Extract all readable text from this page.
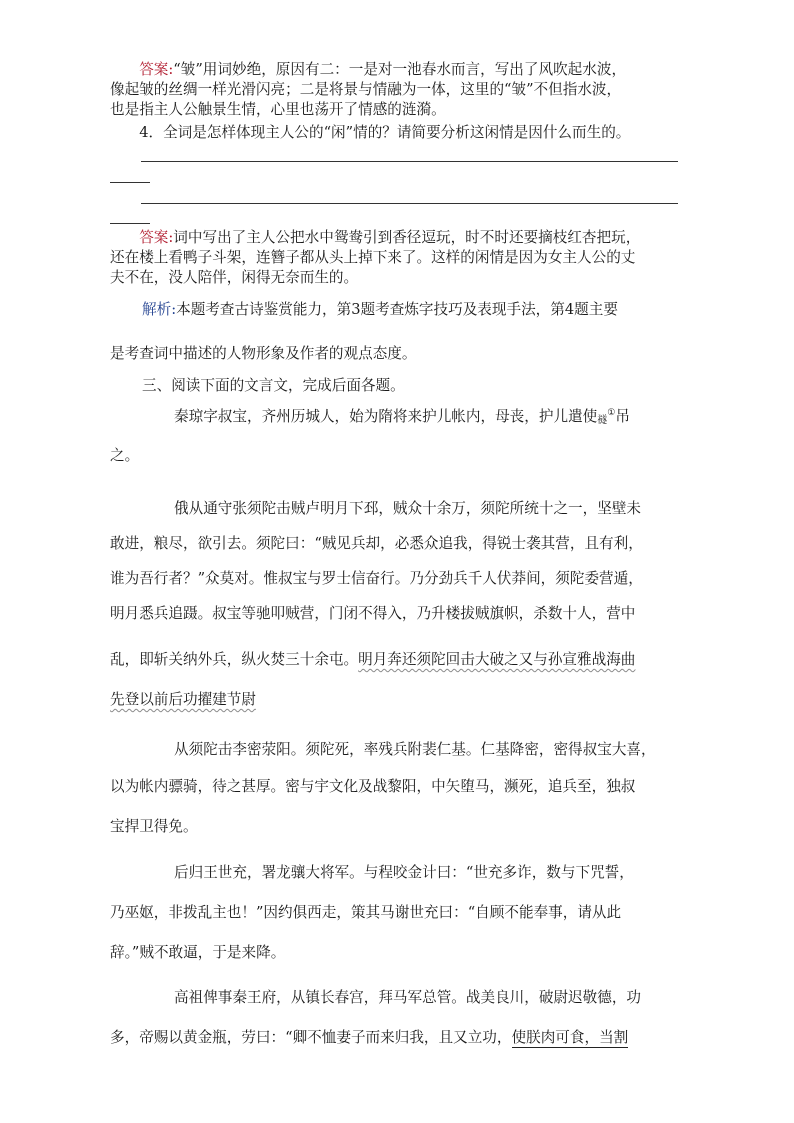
答案:“皱”用词妙绝，原因有二：一是对一池春水而言，写出了风吹起水波，

像起皱的丝绸一样光滑闪亮；二是将景与情融为一体，这里的“皱”不但指水波，

也是指主人公触景生情，心里也荡开了情感的涟漪。

4．全词是怎样体现主人公的“闲”情的？请简要分析这闲情是因什么而生的。

答案:词中写出了主人公把水中鸳鸯引到香径逗玩，时不时还要摘枝红杏把玩，

还在楼上看鸭子斗架，连簪子都从头上掉下来了。这样的闲情是因为女主人公的丈

夫不在，没人陪伴，闲得无奈而生的。

解析:本题考查古诗鉴赏能力，第3题考查炼字技巧及表现手法，第4题主要
是考查词中描述的人物形象及作者的观点态度。
三、阅读下面的文言文，完成后面各题。
秦琼字叔宝，齐州历城人，始为隋将来护儿帐内，母丧，护儿遣使襚①吊
之。
俄从通守张须陀击贼卢明月下邳，贼众十余万，须陀所统十之一，坚壁未
敢进，粮尽，欲引去。须陀曰：“贼见兵却，必悉众追我，得锐士袭其营，且有利，
谁为吾行者？”众莫对。惟叔宝与罗士信奋行。乃分劲兵千人伏莽间，须陀委营遁，
明月悉兵追蹑。叔宝等驰叩贼营，门闭不得入，乃升楼拔贼旗帜，杀数十人，营中
乱，即斩关纳外兵，纵火焚三十余屯。明月奔还须陀回击大破之又与孙宣雅战海曲
先登以前后功擢建节尉
从须陀击李密荥阳。须陀死，率残兵附裴仁基。仁基降密，密得叔宝大喜，
以为帐内骠骑，待之甚厚。密与宇文化及战黎阳，中矢堕马，濒死，追兵至，独叔
宝捍卫得免。
后归王世充，署龙骧大将军。与程咬金计曰：“世充多诈，数与下咒誓，
乃巫妪，非拨乱主也！”因约俱西走，策其马谢世充曰：“自顾不能奉事，请从此
辞。”贼不敢逼，于是来降。
高祖俾事秦王府，从镇长春宫，拜马军总管。战美良川，破尉迟敬德，功
多，帝赐以黄金瓶，劳曰：“卿不恤妻子而来归我，且又立功，使朕肉可食，当割
